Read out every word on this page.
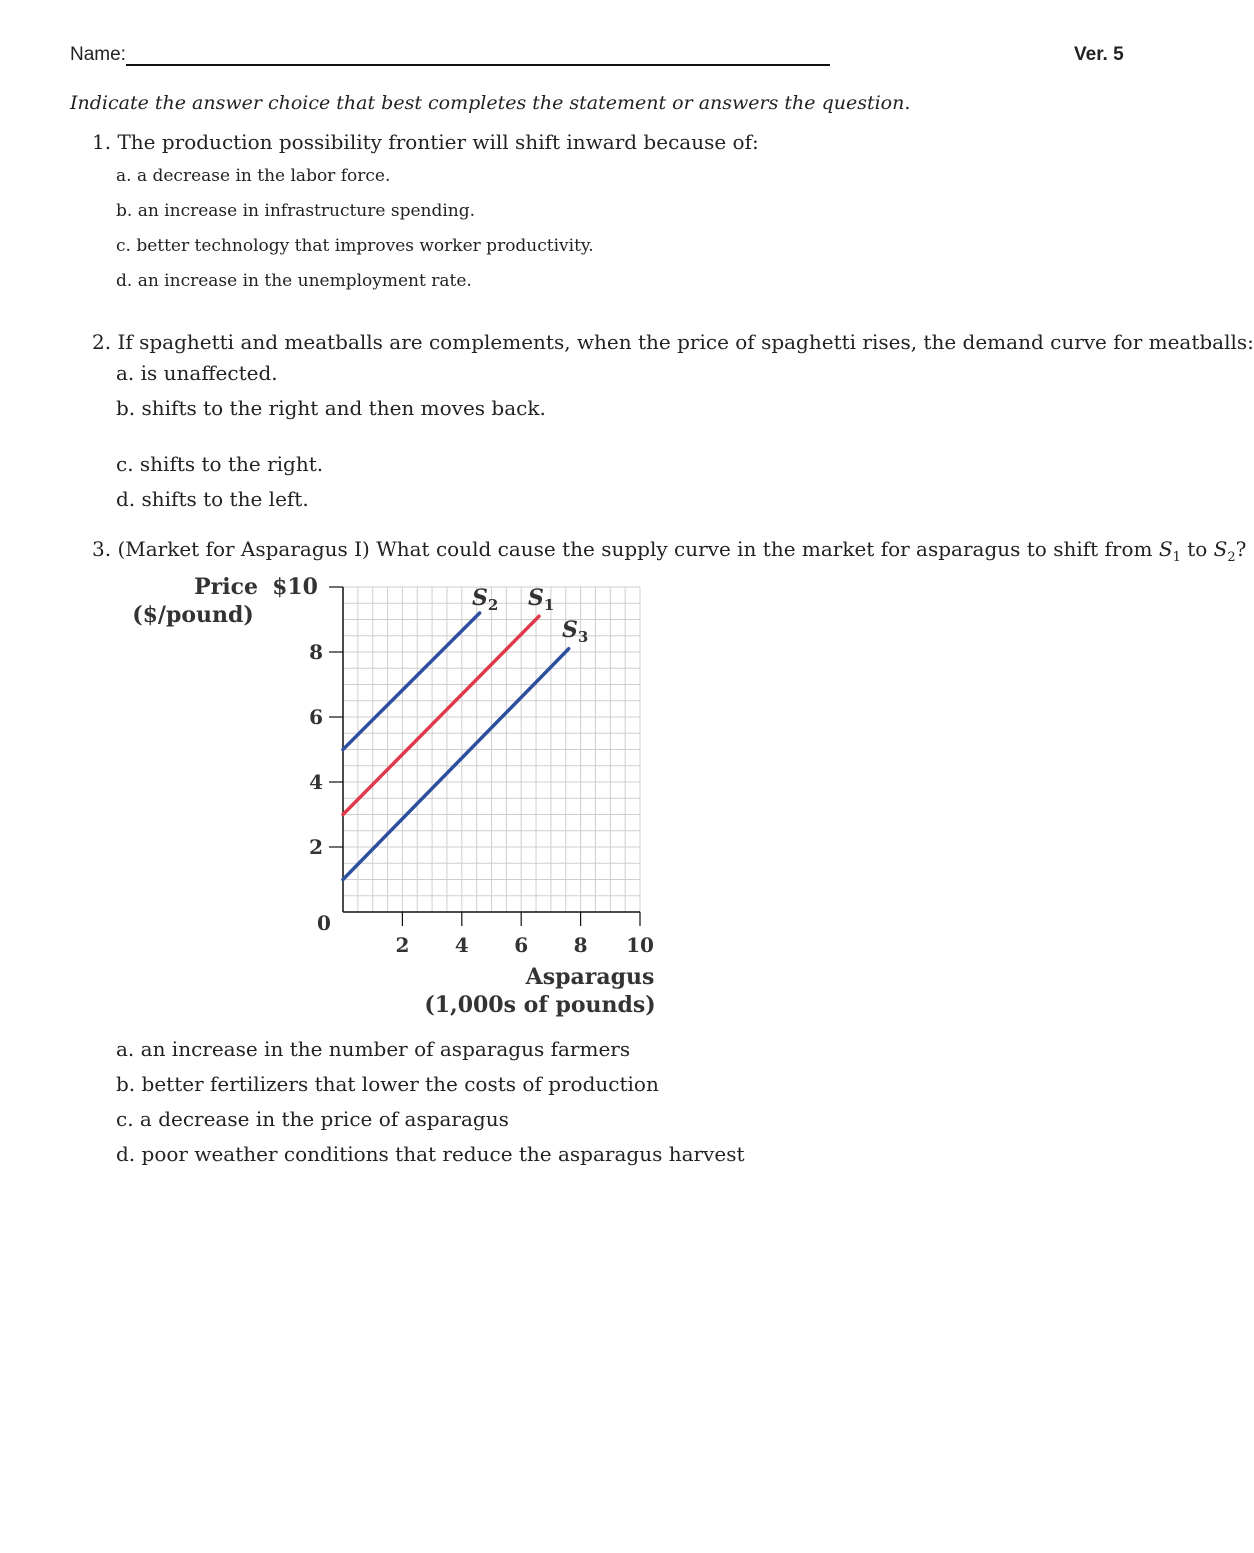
Name:	Ver. 5
Indicate the answer choice that best completes the statement or answers the question.
1. The production possibility frontier will shift inward because of:
a. a decrease in the labor force.
b. an increase in infrastructure spending.
c. better technology that improves worker productivity.
d. an increase in the unemployment rate.
2. If spaghetti and meatballs are complements, when the price of spaghetti rises, the demand curve for meatballs:
a. is unaffected.
b. shifts to the right and then moves back.
c. shifts to the right.
d. shifts to the left.
3. (Market for Asparagus I) What could cause the supply curve in the market for asparagus to shift from $S_1$ to $S_2$?
8
6
4
2
2 4 6 8 10
0
Price $10
($/pound)
Asparagus
(1,000s of pounds)
$S_2$ $S_1$
$S_3$
a. an increase in the number of asparagus farmers
b. better fertilizers that lower the costs of production
c. a decrease in the price of asparagus
d. poor weather conditions that reduce the asparagus harvest
